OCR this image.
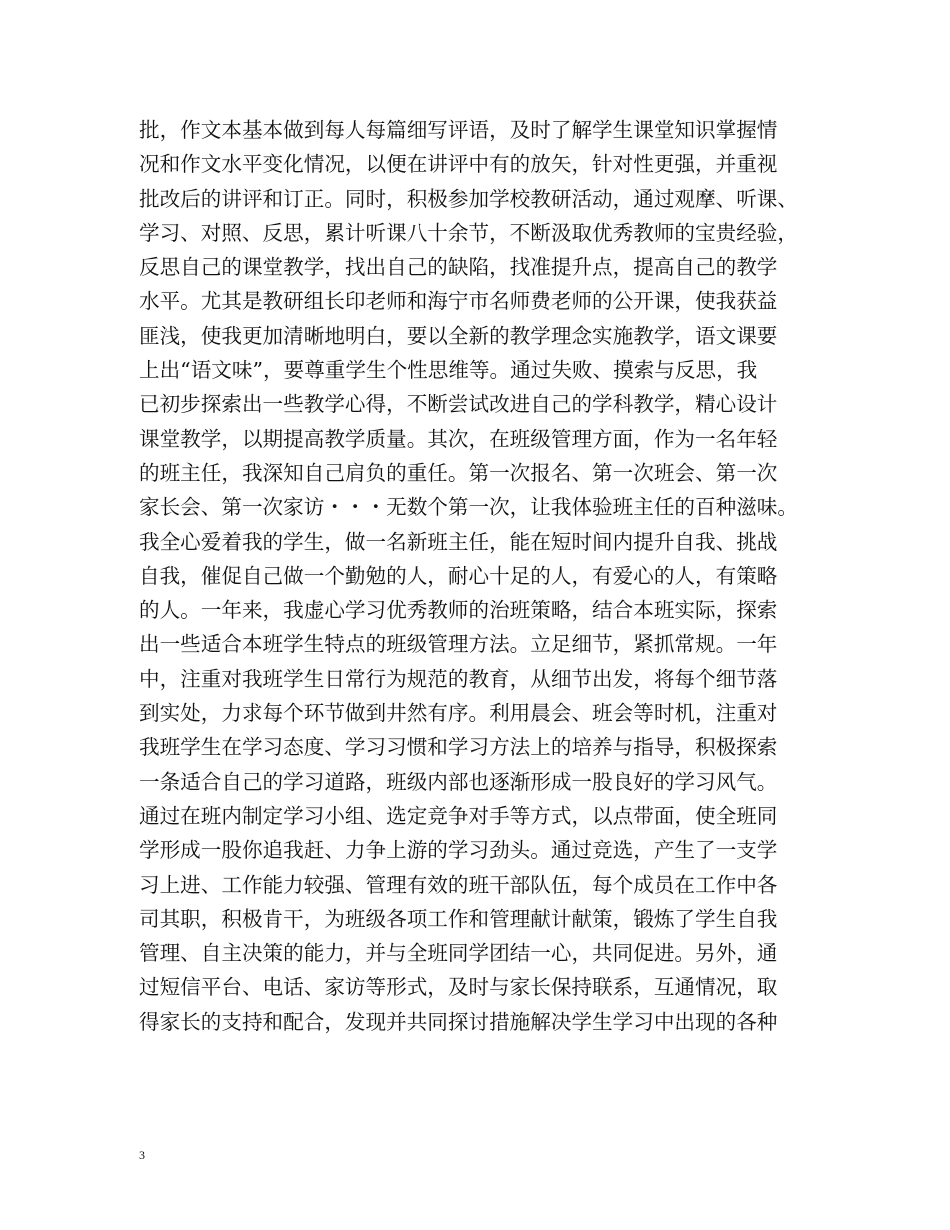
批，作文本基本做到每人每篇细写评语，及时了解学生课堂知识掌握情
况和作文水平变化情况，以便在讲评中有的放矢，针对性更强，并重视
批改后的讲评和订正。同时，积极参加学校教研活动，通过观摩、听课、
学习、对照、反思，累计听课八十余节，不断汲取优秀教师的宝贵经验，
反思自己的课堂教学，找出自己的缺陷，找准提升点，提高自己的教学
水平。尤其是教研组长印老师和海宁市名师费老师的公开课，使我获益
匪浅，使我更加清晰地明白，要以全新的教学理念实施教学，语文课要
上出“语文味”，要尊重学生个性思维等。通过失败、摸索与反思，我
已初步探索出一些教学心得，不断尝试改进自己的学科教学，精心设计
课堂教学，以期提高教学质量。其次，在班级管理方面，作为一名年轻
的班主任，我深知自己肩负的重任。第一次报名、第一次班会、第一次
家长会、第一次家访・・・无数个第一次，让我体验班主任的百种滋味。
我全心爱着我的学生，做一名新班主任，能在短时间内提升自我、挑战
自我，催促自己做一个勤勉的人，耐心十足的人，有爱心的人，有策略
的人。一年来，我虚心学习优秀教师的治班策略，结合本班实际，探索
出一些适合本班学生特点的班级管理方法。立足细节，紧抓常规。一年
中，注重对我班学生日常行为规范的教育，从细节出发，将每个细节落
到实处，力求每个环节做到井然有序。利用晨会、班会等时机，注重对
我班学生在学习态度、学习习惯和学习方法上的培养与指导，积极探索
一条适合自己的学习道路，班级内部也逐渐形成一股良好的学习风气。
通过在班内制定学习小组、选定竞争对手等方式，以点带面，使全班同
学形成一股你追我赶、力争上游的学习劲头。通过竞选，产生了一支学
习上进、工作能力较强、管理有效的班干部队伍，每个成员在工作中各
司其职，积极肯干，为班级各项工作和管理献计献策，锻炼了学生自我
管理、自主决策的能力，并与全班同学团结一心，共同促进。另外，通
过短信平台、电话、家访等形式，及时与家长保持联系，互通情况，取
得家长的支持和配合，发现并共同探讨措施解决学生学习中出现的各种
3
